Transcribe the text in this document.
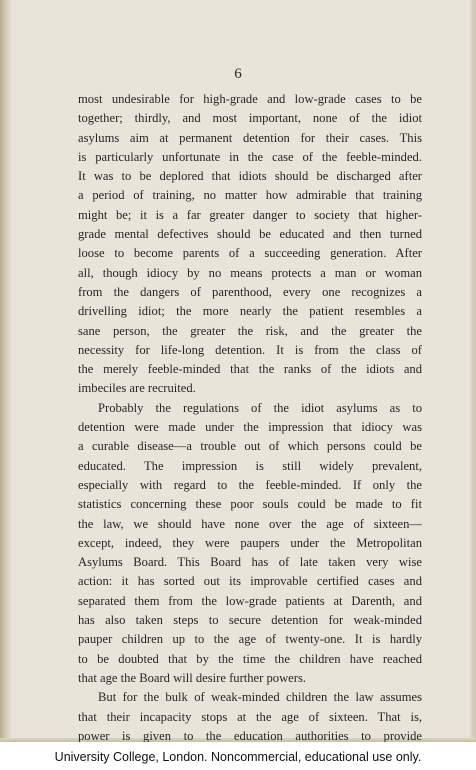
6
most undesirable for high-grade and low-grade cases to be
together; thirdly, and most important, none of the idiot
asylums aim at permanent detention for their cases. This
is particularly unfortunate in the case of the feeble-minded.
It was to be deplored that idiots should be discharged after
a period of training, no matter how admirable that training
might be; it is a far greater danger to society that higher-
grade mental defectives should be educated and then turned
loose to become parents of a succeeding generation. After
all, though idiocy by no means protects a man or woman
from the dangers of parenthood, every one recognizes a
drivelling idiot; the more nearly the patient resembles a
sane person, the greater the risk, and the greater the
necessity for life-long detention. It is from the class of
the merely feeble-minded that the ranks of the idiots and
imbeciles are recruited.
Probably the regulations of the idiot asylums as to
detention were made under the impression that idiocy was
a curable disease—a trouble out of which persons could be
educated. The impression is still widely prevalent,
especially with regard to the feeble-minded. If only the
statistics concerning these poor souls could be made to fit
the law, we should have none over the age of sixteen—
except, indeed, they were paupers under the Metropolitan
Asylums Board. This Board has of late taken very wise
action: it has sorted out its improvable certified cases and
separated them from the low-grade patients at Darenth, and
has also taken steps to secure detention for weak-minded
pauper children up to the age of twenty-one. It is hardly
to be doubted that by the time the children have reached
that age the Board will desire further powers.
But for the bulk of weak-minded children the law assumes
that their incapacity stops at the age of sixteen. That is,
power is given to the education authorities to provide
University College, London. Noncommercial, educational use only.
